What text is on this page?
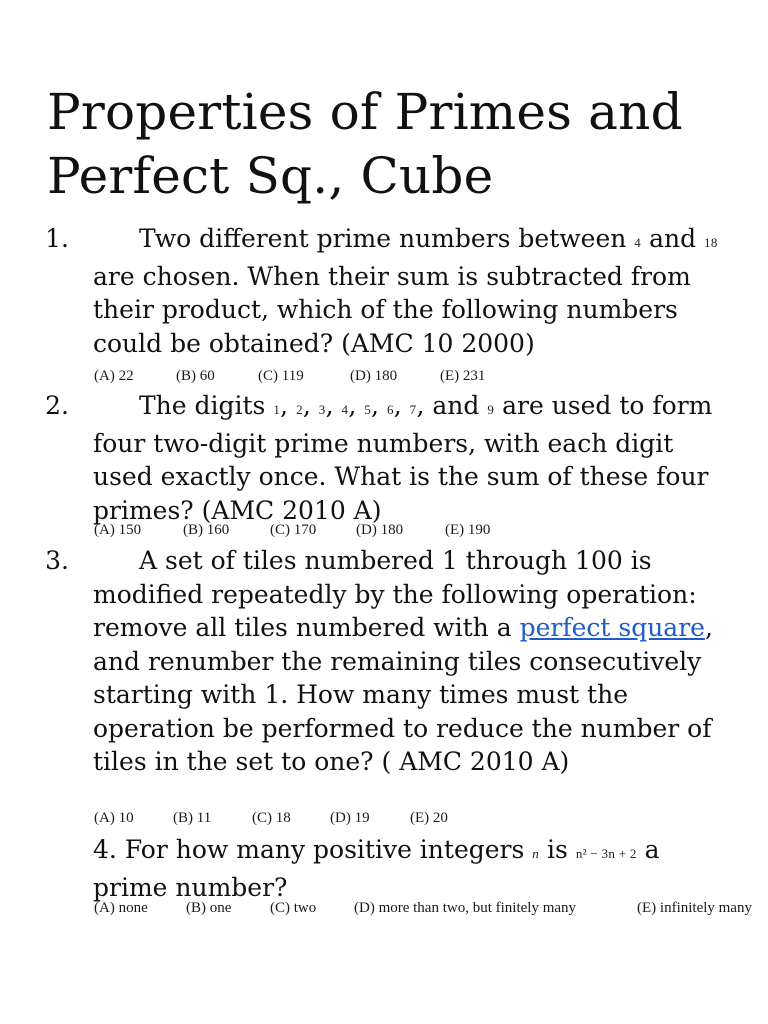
Properties of Primes and
Perfect Sq., Cube
1.	Two different prime numbers between 4 and 18 are chosen. When their sum is subtracted from their product, which of the following numbers could be obtained? (AMC 10 2000)
(A) 22	(B) 60	(C) 119	(D) 180	(E) 231
2.	The digits 1, 2, 3, 4, 5, 6, 7, and 9 are used to form four two-digit prime numbers, with each digit used exactly once. What is the sum of these four primes? (AMC 2010 A)
(A) 150	(B) 160	(C) 170	(D) 180	(E) 190
3.	A set of tiles numbered 1 through 100 is modified repeatedly by the following operation: remove all tiles numbered with a perfect square, and renumber the remaining tiles consecutively starting with 1. How many times must the operation be performed to reduce the number of tiles in the set to one? ( AMC 2010 A)
(A) 10	(B) 11	(C) 18	(D) 19	(E) 20
4. For how many positive integers n is n² − 3n + 2 a prime number?
(A) none	(B) one	(C) two	(D) more than two, but finitely many	(E) infinitely many
